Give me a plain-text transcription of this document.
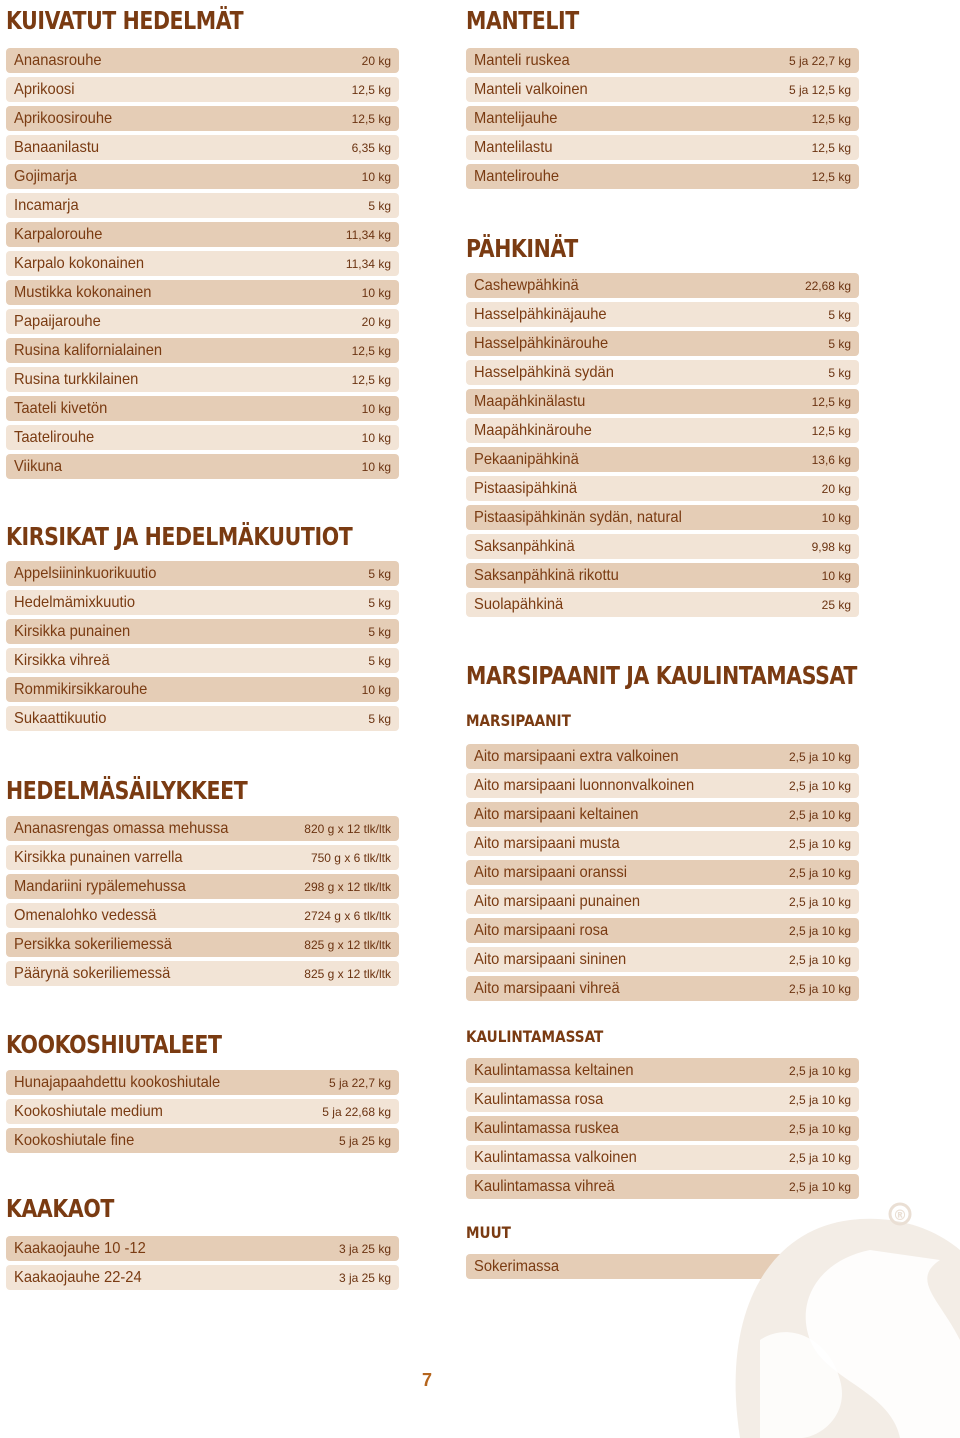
KUIVATUT HEDELMÄT
Ananasrouhe	20 kg
Aprikoosi	12,5 kg
Aprikoosirouhe	12,5 kg
Banaanilastu	6,35 kg
Gojimarja	10 kg
Incamarja	5 kg
Karpalorouhe	11,34 kg
Karpalo kokonainen	11,34 kg
Mustikka kokonainen	10 kg
Papaijarouhe	20 kg
Rusina kalifornialainen	12,5 kg
Rusina turkkilainen	12,5 kg
Taateli kivetön	10 kg
Taatelirouhe	10 kg
Viikuna	10 kg
KIRSIKAT JA HEDELMÄKUUTIOT
Appelsiininkuorikuutio	5 kg
Hedelmämixkuutio	5 kg
Kirsikka punainen	5 kg
Kirsikka vihreä	5 kg
Rommikirsikkarouhe	10 kg
Sukaattikuutio	5 kg
HEDELMÄSÄILYKKEET
Ananasrengas omassa mehussa	820 g x 12 tlk/ltk
Kirsikka punainen varrella	750 g x 6 tlk/ltk
Mandariini rypälemehussa	298 g x 12 tlk/ltk
Omenalohko vedessä	2724 g x 6 tlk/ltk
Persikka sokeriliemessä	825 g x 12 tlk/ltk
Päärynä sokeriliemessä	825 g x 12 tlk/ltk
KOOKOSHIUTALEET
Hunajapaahdettu kookoshiutale	5 ja 22,7 kg
Kookoshiutale medium	5 ja 22,68 kg
Kookoshiutale fine	5 ja 25 kg
KAAKAOT
Kaakaojauhe 10 -12	3 ja 25 kg
Kaakaojauhe 22-24	3 ja 25 kg
MANTELIT
Manteli ruskea	5 ja 22,7 kg
Manteli valkoinen	5 ja 12,5 kg
Mantelijauhe	12,5 kg
Mantelilastu	12,5 kg
Mantelirouhe	12,5 kg
PÄHKINÄT
Cashewpähkinä	22,68 kg
Hasselpähkinäjauhe	5 kg
Hasselpähkinärouhe	5 kg
Hasselpähkinä sydän	5 kg
Maapähkinälastu	12,5 kg
Maapähkinärouhe	12,5 kg
Pekaanipähkinä	13,6 kg
Pistaasipähkinä	20 kg
Pistaasipähkinän sydän, natural	10 kg
Saksanpähkinä	9,98 kg
Saksanpähkinä rikottu	10 kg
Suolapähkinä	25 kg
MARSIPAANIT JA KAULINTAMASSAT
MARSIPAANIT
Aito marsipaani extra valkoinen	2,5 ja 10 kg
Aito marsipaani luonnonvalkoinen	2,5 ja 10 kg
Aito marsipaani keltainen	2,5 ja 10 kg
Aito marsipaani musta	2,5 ja 10 kg
Aito marsipaani oranssi	2,5 ja 10 kg
Aito marsipaani punainen	2,5 ja 10 kg
Aito marsipaani rosa	2,5 ja 10 kg
Aito marsipaani sininen	2,5 ja 10 kg
Aito marsipaani vihreä	2,5 ja 10 kg
KAULINTAMASSAT
Kaulintamassa keltainen	2,5 ja 10 kg
Kaulintamassa rosa	2,5 ja 10 kg
Kaulintamassa ruskea	2,5 ja 10 kg
Kaulintamassa valkoinen	2,5 ja 10 kg
Kaulintamassa vihreä	2,5 ja 10 kg
MUUT
Sokerimassa
®
7
